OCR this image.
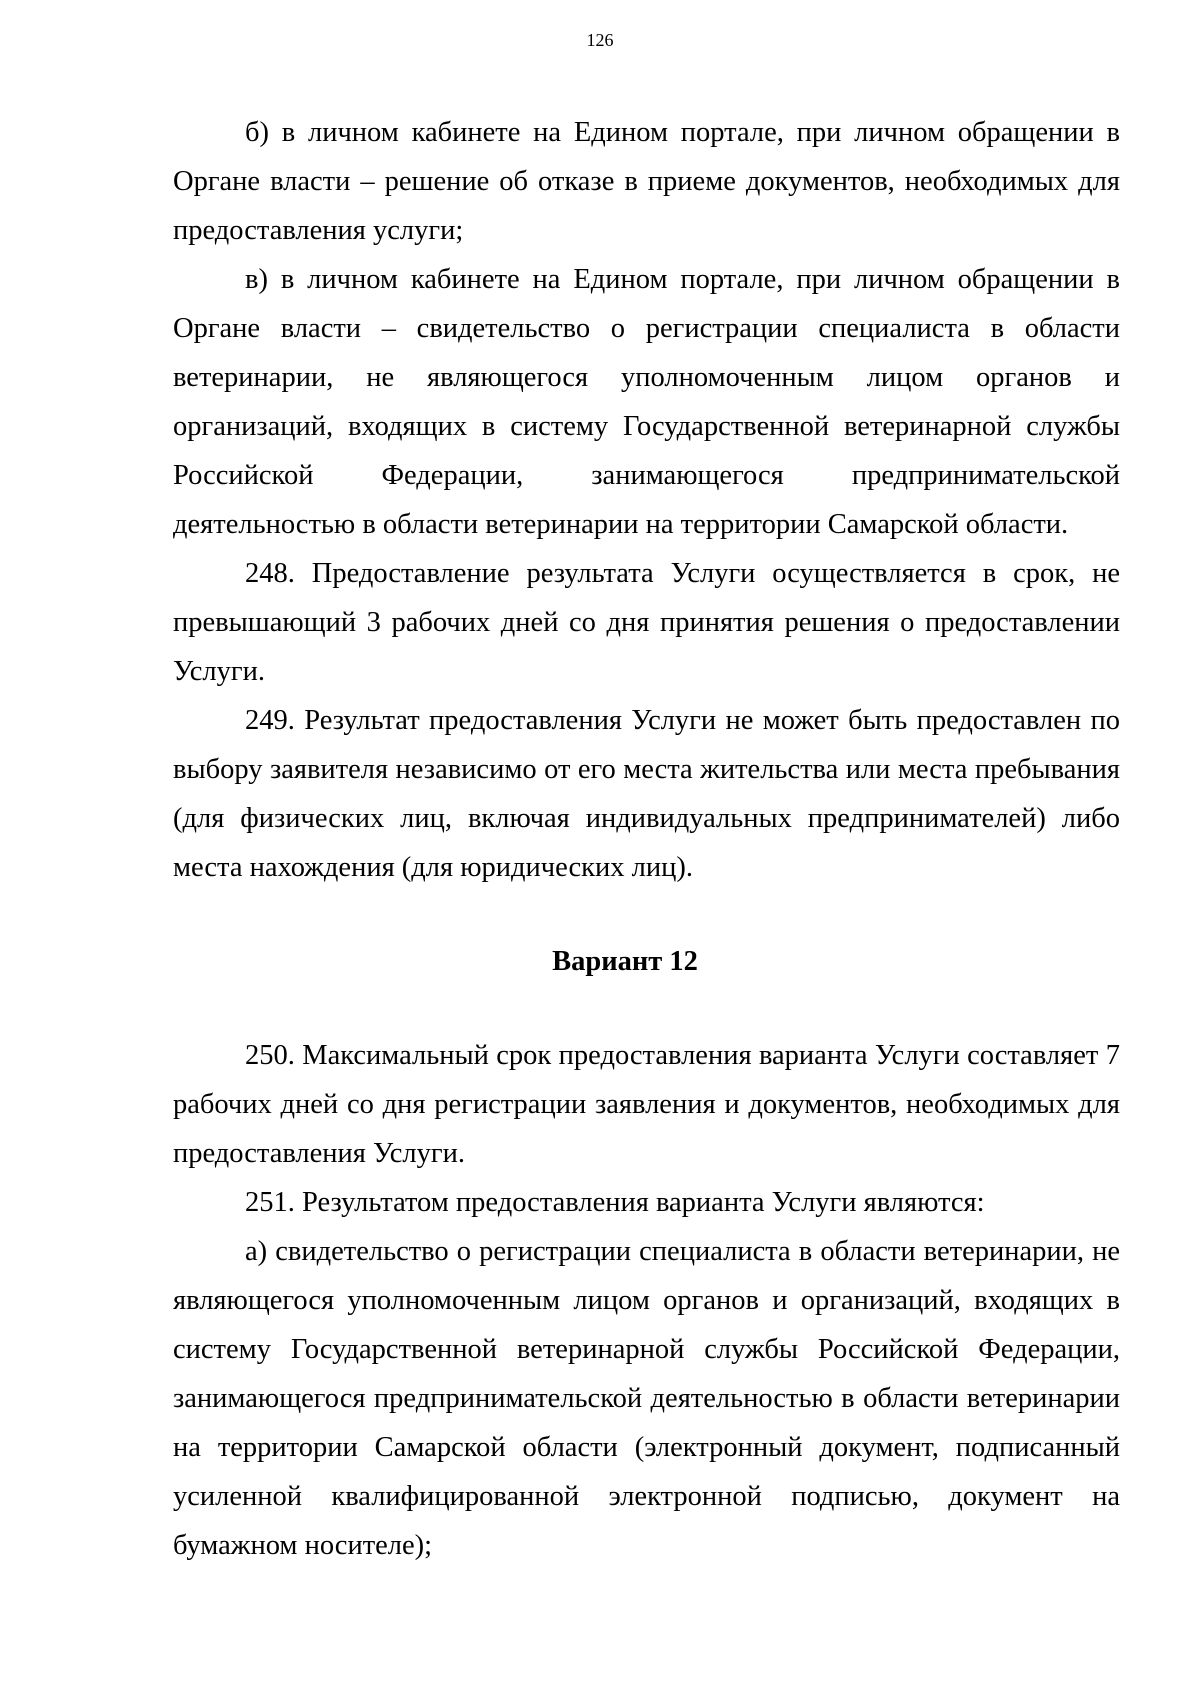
126

б) в личном кабинете на Едином портале, при личном обращении в Органе власти – решение об отказе в приеме документов, необходимых для предоставления услуги;

в) в личном кабинете на Едином портале, при личном обращении в Органе власти – свидетельство о регистрации специалиста в области ветеринарии, не являющегося уполномоченным лицом органов и организаций, входящих в систему Государственной ветеринарной службы Российской Федерации, занимающегося предпринимательской деятельностью в области ветеринарии на территории Самарской области.

248. Предоставление результата Услуги осуществляется в срок, не превышающий 3 рабочих дней со дня принятия решения о предоставлении Услуги.

249. Результат предоставления Услуги не может быть предоставлен по выбору заявителя независимо от его места жительства или места пребывания (для физических лиц, включая индивидуальных предпринимателей) либо места нахождения (для юридических лиц).

Вариант 12

250. Максимальный срок предоставления варианта Услуги составляет 7 рабочих дней со дня регистрации заявления и документов, необходимых для предоставления Услуги.

251. Результатом предоставления варианта Услуги являются:

а) свидетельство о регистрации специалиста в области ветеринарии, не являющегося уполномоченным лицом органов и организаций, входящих в систему Государственной ветеринарной службы Российской Федерации, занимающегося предпринимательской деятельностью в области ветеринарии на территории Самарской области (электронный документ, подписанный усиленной квалифицированной электронной подписью, документ на бумажном носителе);
